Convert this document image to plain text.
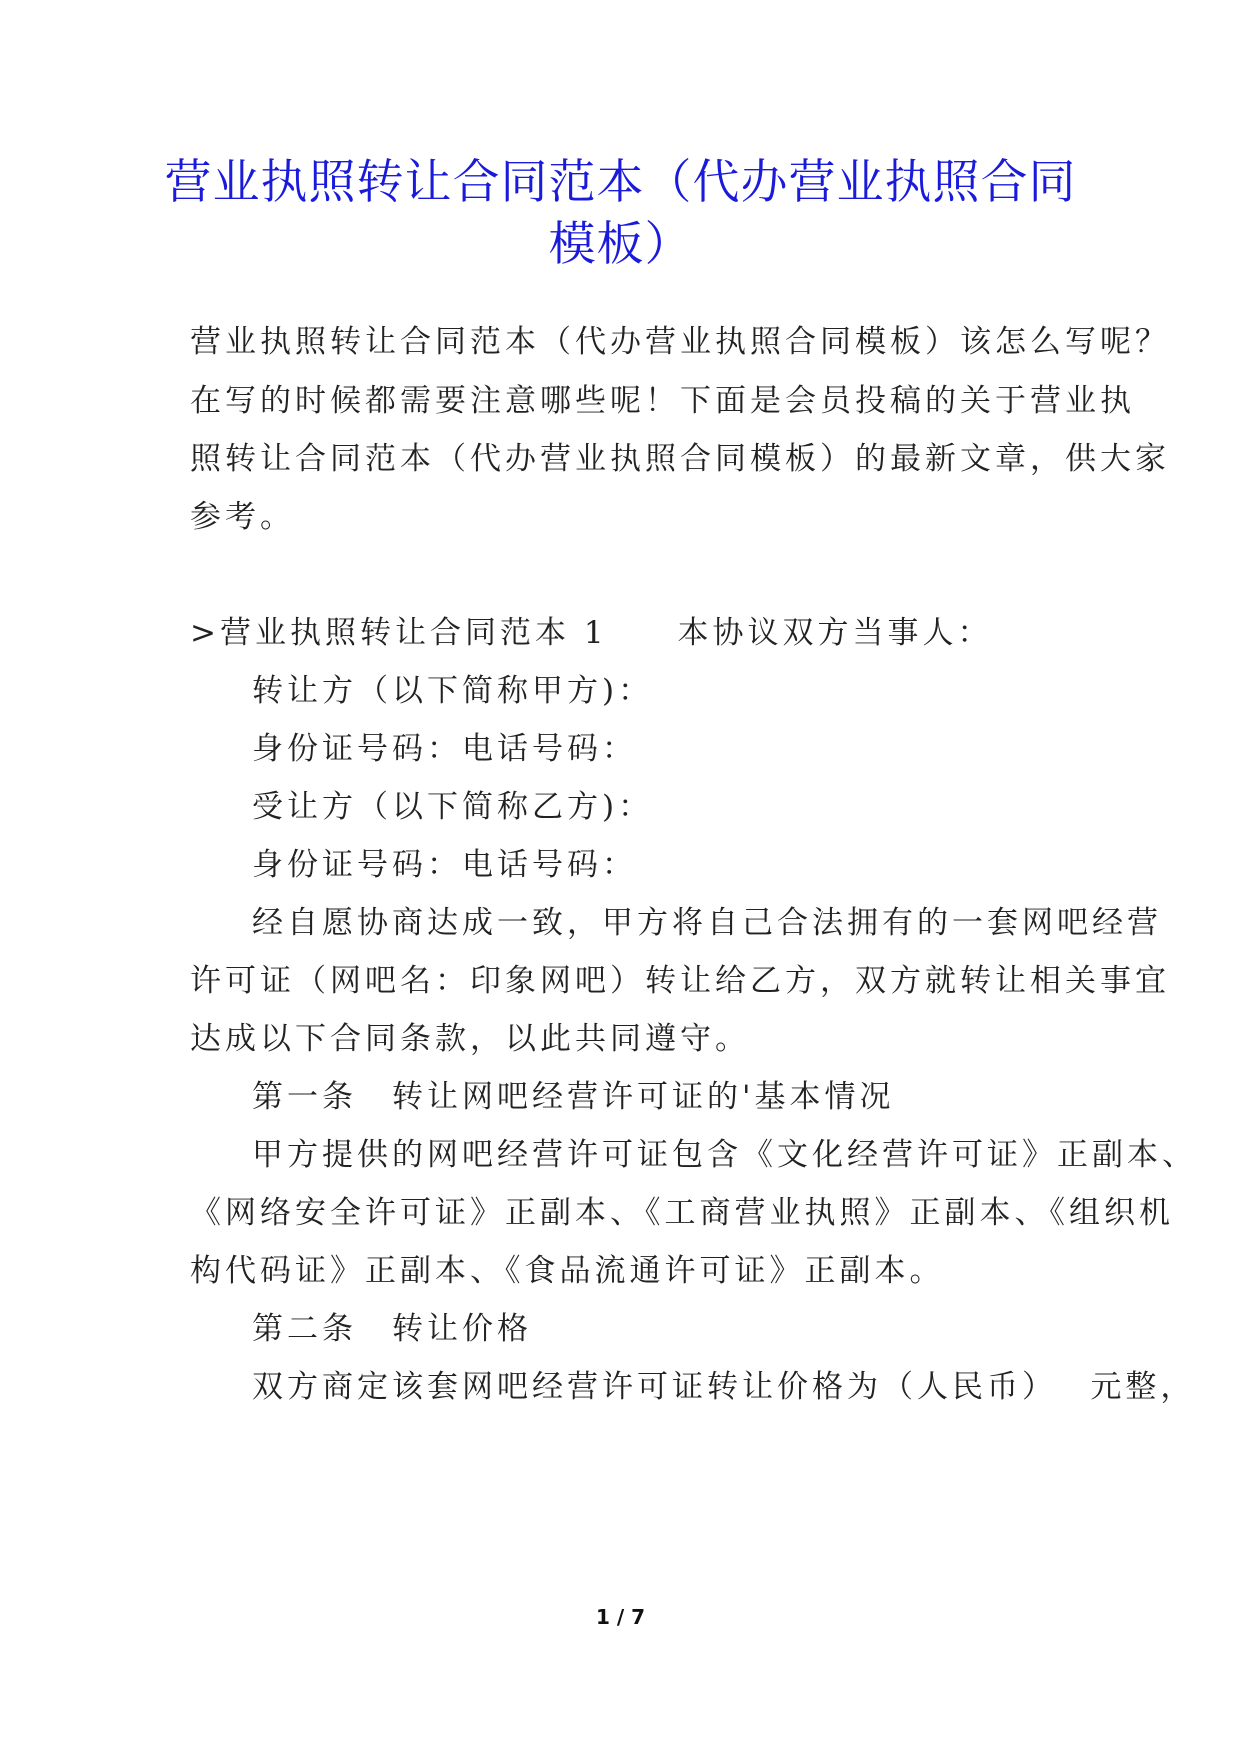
营业执照转让合同范本（代办营业执照合同
模板）
营业执照转让合同范本（代办营业执照合同模板）该怎么写呢？
在写的时候都需要注意哪些呢！下面是会员投稿的关于营业执
照转让合同范本（代办营业执照合同模板）的最新文章，供大家
参考。
>营业执照转让合同范本 1　　本协议双方当事人：
转让方（以下简称甲方)：
身份证号码：电话号码：
受让方（以下简称乙方)：
身份证号码：电话号码：
经自愿协商达成一致，甲方将自己合法拥有的一套网吧经营
许可证（网吧名：印象网吧）转让给乙方，双方就转让相关事宜
达成以下合同条款，以此共同遵守。
第一条　转让网吧经营许可证的'基本情况
甲方提供的网吧经营许可证包含《文化经营许可证》正副本、
《网络安全许可证》正副本、《工商营业执照》正副本、《组织机
构代码证》正副本、《食品流通许可证》正副本。
第二条　转让价格
双方商定该套网吧经营许可证转让价格为（人民币）　 元整，
1 / 7
